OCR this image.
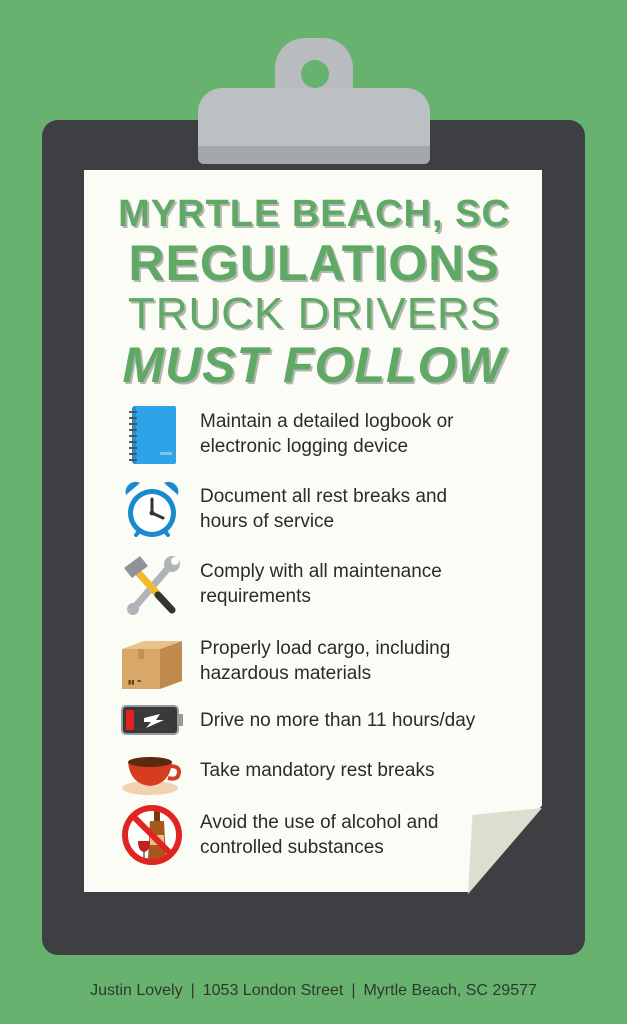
MYRTLE BEACH, SC
REGULATIONS
TRUCK DRIVERS
MUST FOLLOW
Maintain a detailed logbook or
electronic logging device
Document all rest breaks and
hours of service
Comply with all maintenance
requirements
▮▮ ☂
Properly load cargo, including
hazardous materials
Drive no more than 11 hours/day
Take mandatory rest breaks
Avoid the use of alcohol and
controlled substances
Justin Lovely | 1053 London Street | Myrtle Beach, SC 29577
